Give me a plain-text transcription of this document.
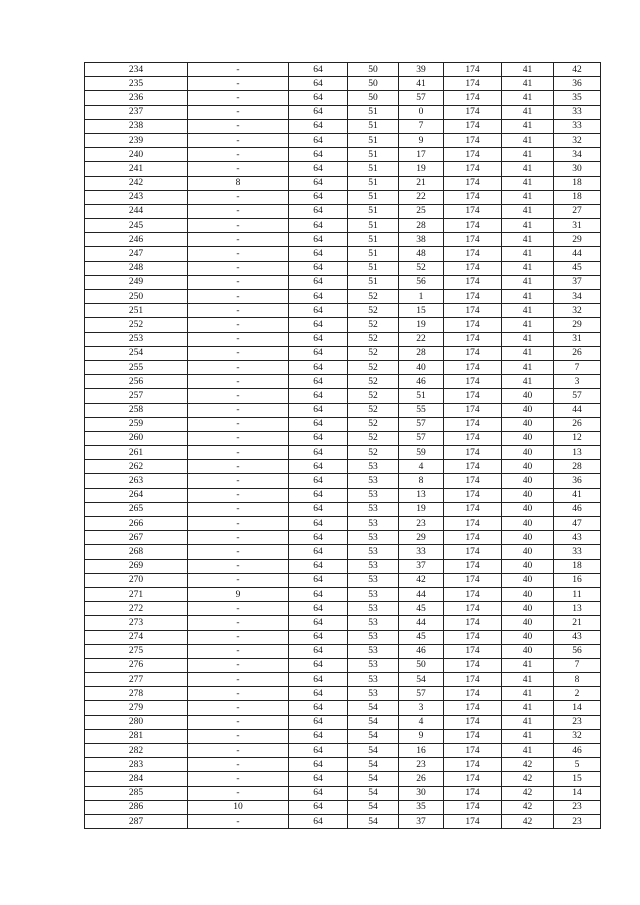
234	-	64	50	39	174	41	42
235	-	64	50	41	174	41	36
236	-	64	50	57	174	41	35
237	-	64	51	0	174	41	33
238	-	64	51	7	174	41	33
239	-	64	51	9	174	41	32
240	-	64	51	17	174	41	34
241	-	64	51	19	174	41	30
242	8	64	51	21	174	41	18
243	-	64	51	22	174	41	18
244	-	64	51	25	174	41	27
245	-	64	51	28	174	41	31
246	-	64	51	38	174	41	29
247	-	64	51	48	174	41	44
248	-	64	51	52	174	41	45
249	-	64	51	56	174	41	37
250	-	64	52	1	174	41	34
251	-	64	52	15	174	41	32
252	-	64	52	19	174	41	29
253	-	64	52	22	174	41	31
254	-	64	52	28	174	41	26
255	-	64	52	40	174	41	7
256	-	64	52	46	174	41	3
257	-	64	52	51	174	40	57
258	-	64	52	55	174	40	44
259	-	64	52	57	174	40	26
260	-	64	52	57	174	40	12
261	-	64	52	59	174	40	13
262	-	64	53	4	174	40	28
263	-	64	53	8	174	40	36
264	-	64	53	13	174	40	41
265	-	64	53	19	174	40	46
266	-	64	53	23	174	40	47
267	-	64	53	29	174	40	43
268	-	64	53	33	174	40	33
269	-	64	53	37	174	40	18
270	-	64	53	42	174	40	16
271	9	64	53	44	174	40	11
272	-	64	53	45	174	40	13
273	-	64	53	44	174	40	21
274	-	64	53	45	174	40	43
275	-	64	53	46	174	40	56
276	-	64	53	50	174	41	7
277	-	64	53	54	174	41	8
278	-	64	53	57	174	41	2
279	-	64	54	3	174	41	14
280	-	64	54	4	174	41	23
281	-	64	54	9	174	41	32
282	-	64	54	16	174	41	46
283	-	64	54	23	174	42	5
284	-	64	54	26	174	42	15
285	-	64	54	30	174	42	14
286	10	64	54	35	174	42	23
287	-	64	54	37	174	42	23
